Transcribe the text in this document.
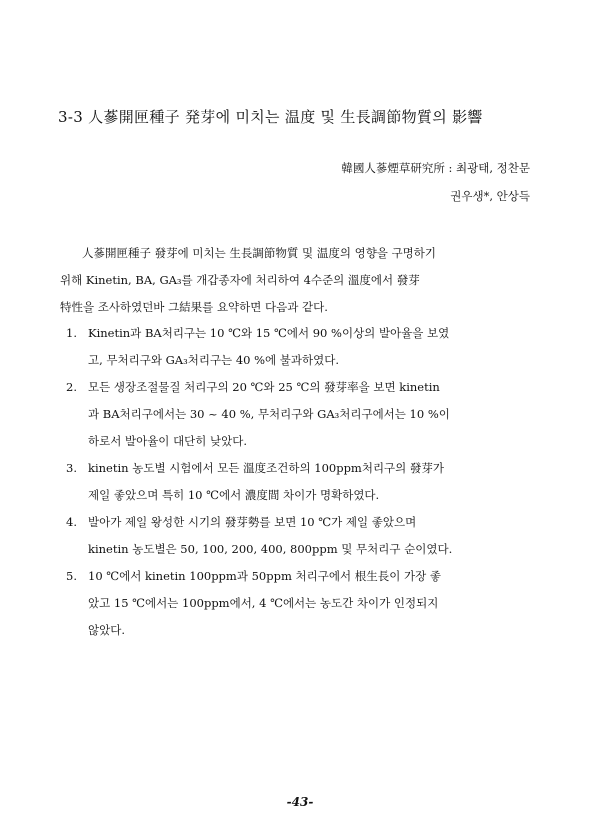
3-3 人蔘開匣種子 発芽에 미치는 温度 및 生長調節物質의 影響
韓國人蔘煙草研究所 : 최광태, 정찬문
권우생*, 안상득
人蔘開匣種子 發芽에 미치는 生長調節物質 및 温度의 영향을 구명하기
위해 Kinetin, BA, GA₃를 개갑종자에 처리하여 4수준의 溫度에서 發芽
特性을 조사하였던바 그結果를 요약하면 다음과 같다.
1. Kinetin과 BA처리구는 10 ℃와 15 ℃에서 90 %이상의 발아율을 보였
고, 무처리구와 GA₃처리구는 40 %에 불과하였다.
2. 모든 생장조절물질 처리구의 20 ℃와 25 ℃의 發芽率을 보면 kinetin
과 BA처리구에서는 30 ~ 40 %, 무처리구와 GA₃처리구에서는 10 %이
하로서 발아율이 대단히 낮았다.
3. kinetin 농도별 시험에서 모든 溫度조건하의 100ppm처리구의 發芽가
제일 좋았으며 특히 10 ℃에서 濃度間 차이가 명확하였다.
4. 발아가 제일 왕성한 시기의 發芽勢를 보면 10 ℃가 제일 좋았으며
kinetin 농도별은 50, 100, 200, 400, 800ppm 및 무처리구 순이였다.
5. 10 ℃에서 kinetin 100ppm과 50ppm 처리구에서 根生長이 가장 좋
았고 15 ℃에서는 100ppm에서, 4 ℃에서는 농도간 차이가 인정되지
않았다.
-43-
